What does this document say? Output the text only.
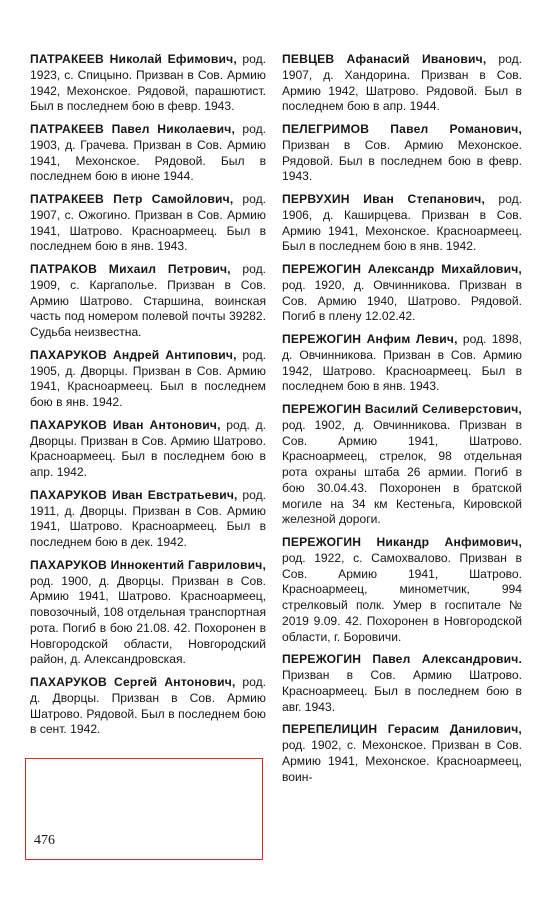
ПАТРАКЕЕВ Николай Ефимович, род. 1923, с. Спицыно. Призван в Сов. Армию 1942, Мехонское. Рядовой, парашютист. Был в последнем бою в февр. 1943.

ПАТРАКЕЕВ Павел Николаевич, род. 1903, д. Грачева. Призван в Сов. Армию 1941, Мехонское. Рядовой. Был в последнем бою в июне 1944.

ПАТРАКЕЕВ Петр Самойлович, род. 1907, с. Ожогино. Призван в Сов. Армию 1941, Шатрово. Красноармеец. Был в последнем бою в янв. 1943.

ПАТРАКОВ Михаил Петрович, род. 1909, с. Каргаполье. Призван в Сов. Армию Шатрово. Старшина, воинская часть под номером полевой почты 39282. Судьба неизвестна.

ПАХАРУКОВ Андрей Антипович, род. 1905, д. Дворцы. Призван в Сов. Армию 1941, Красноармеец. Был в последнем бою в янв. 1942.

ПАХАРУКОВ Иван Антонович, род. д. Дворцы. Призван в Сов. Армию Шатрово. Красноармеец. Был в последнем бою в апр. 1942.

ПАХАРУКОВ Иван Евстратьевич, род. 1911, д. Дворцы. Призван в Сов. Армию 1941, Шатрово. Красноармеец. Был в последнем бою в дек. 1942.

ПАХАРУКОВ Иннокентий Гаврилович, род. 1900, д. Дворцы. Призван в Сов. Армию 1941, Шатрово. Красноармеец, повозочный, 108 отдельная транспортная рота. Погиб в бою 21.08. 42. Похоронен в Новгородской области, Новгородский район, д. Александровская.

ПАХАРУКОВ Сергей Антонович, род. д. Дворцы. Призван в Сов. Армию Шатрово. Рядовой. Был в последнем бою в сент. 1942.

ПЕВЦЕВ Афанасий Иванович, род. 1907, д. Хандорина. Призван в Сов. Армию 1942, Шатрово. Рядовой. Был в последнем бою в апр. 1944.

ПЕЛЕГРИМОВ Павел Романович, Призван в Сов. Армию Мехонское. Рядовой. Был в последнем бою в февр. 1943.

ПЕРВУХИН Иван Степанович, род. 1906, д. Каширцева. Призван в Сов. Армию 1941, Мехонское. Красноармеец. Был в последнем бою в янв. 1942.

ПЕРЕЖОГИН Александр Михайлович, род. 1920, д. Овчинникова. Призван в Сов. Армию 1940, Шатрово. Рядовой. Погиб в плену 12.02.42.

ПЕРЕЖОГИН Анфим Левич, род. 1898, д. Овчинникова. Призван в Сов. Армию 1942, Шатрово. Красноармеец. Был в последнем бою в янв. 1943.

ПЕРЕЖОГИН Василий Селиверстович, род. 1902, д. Овчинникова. Призван в Сов. Армию 1941, Шатрово. Красноармеец, стрелок, 98 отдельная рота охраны штаба 26 армии. Погиб в бою 30.04.43. Похоронен в братской могиле на 34 км Кестеньга, Кировской железной дороги.

ПЕРЕЖОГИН Никандр Анфимович, род. 1922, с. Самохвалово. Призван в Сов. Армию 1941, Шатрово. Красноармеец, минометчик, 994 стрелковый полк. Умер в госпитале № 2019 9.09. 42. Похоронен в Новгородской области, г. Боровичи.

ПЕРЕЖОГИН Павел Александрович. Призван в Сов. Армию Шатрово. Красноармеец. Был в последнем бою в авг. 1943.

ПЕРЕПЕЛИЦИН Герасим Данилович, род. 1902, с. Мехонское. Призван в Сов. Армию 1941, Мехонское. Красноармеец, воин-

476
